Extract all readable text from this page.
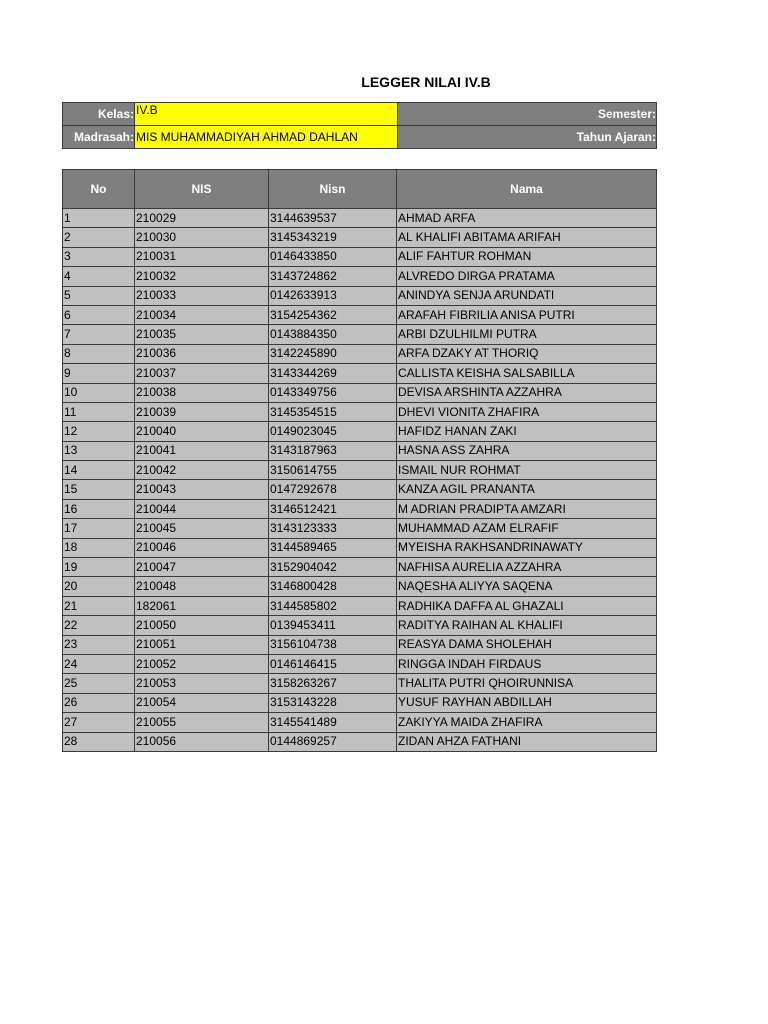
LEGGER NILAI IV.B
Kelas:	IV.B	Semester:
Madrasah:	MIS MUHAMMADIYAH AHMAD DAHLAN	Tahun Ajaran:
No	NIS	Nisn	Nama
1	210029	3144639537	AHMAD ARFA
2	210030	3145343219	AL KHALIFI ABITAMA ARIFAH
3	210031	0146433850	ALIF FAHTUR ROHMAN
4	210032	3143724862	ALVREDO DIRGA PRATAMA
5	210033	0142633913	ANINDYA SENJA ARUNDATI
6	210034	3154254362	ARAFAH FIBRILIA ANISA PUTRI
7	210035	0143884350	ARBI DZULHILMI PUTRA
8	210036	3142245890	ARFA DZAKY AT THORIQ
9	210037	3143344269	CALLISTA KEISHA SALSABILLA
10	210038	0143349756	DEVISA ARSHINTA AZZAHRA
11	210039	3145354515	DHEVI VIONITA ZHAFIRA
12	210040	0149023045	HAFIDZ HANAN ZAKI
13	210041	3143187963	HASNA ASS ZAHRA
14	210042	3150614755	ISMAIL NUR ROHMAT
15	210043	0147292678	KANZA AGIL PRANANTA
16	210044	3146512421	M ADRIAN PRADIPTA AMZARI
17	210045	3143123333	MUHAMMAD AZAM ELRAFIF
18	210046	3144589465	MYEISHA RAKHSANDRINAWATY
19	210047	3152904042	NAFHISA AURELIA AZZAHRA
20	210048	3146800428	NAQESHA ALIYYA SAQENA
21	182061	3144585802	RADHIKA DAFFA AL GHAZALI
22	210050	0139453411	RADITYA RAIHAN AL KHALIFI
23	210051	3156104738	REASYA DAMA SHOLEHAH
24	210052	0146146415	RINGGA INDAH FIRDAUS
25	210053	3158263267	THALITA PUTRI QHOIRUNNISA
26	210054	3153143228	YUSUF RAYHAN ABDILLAH
27	210055	3145541489	ZAKIYYA MAIDA ZHAFIRA
28	210056	0144869257	ZIDAN AHZA FATHANI
